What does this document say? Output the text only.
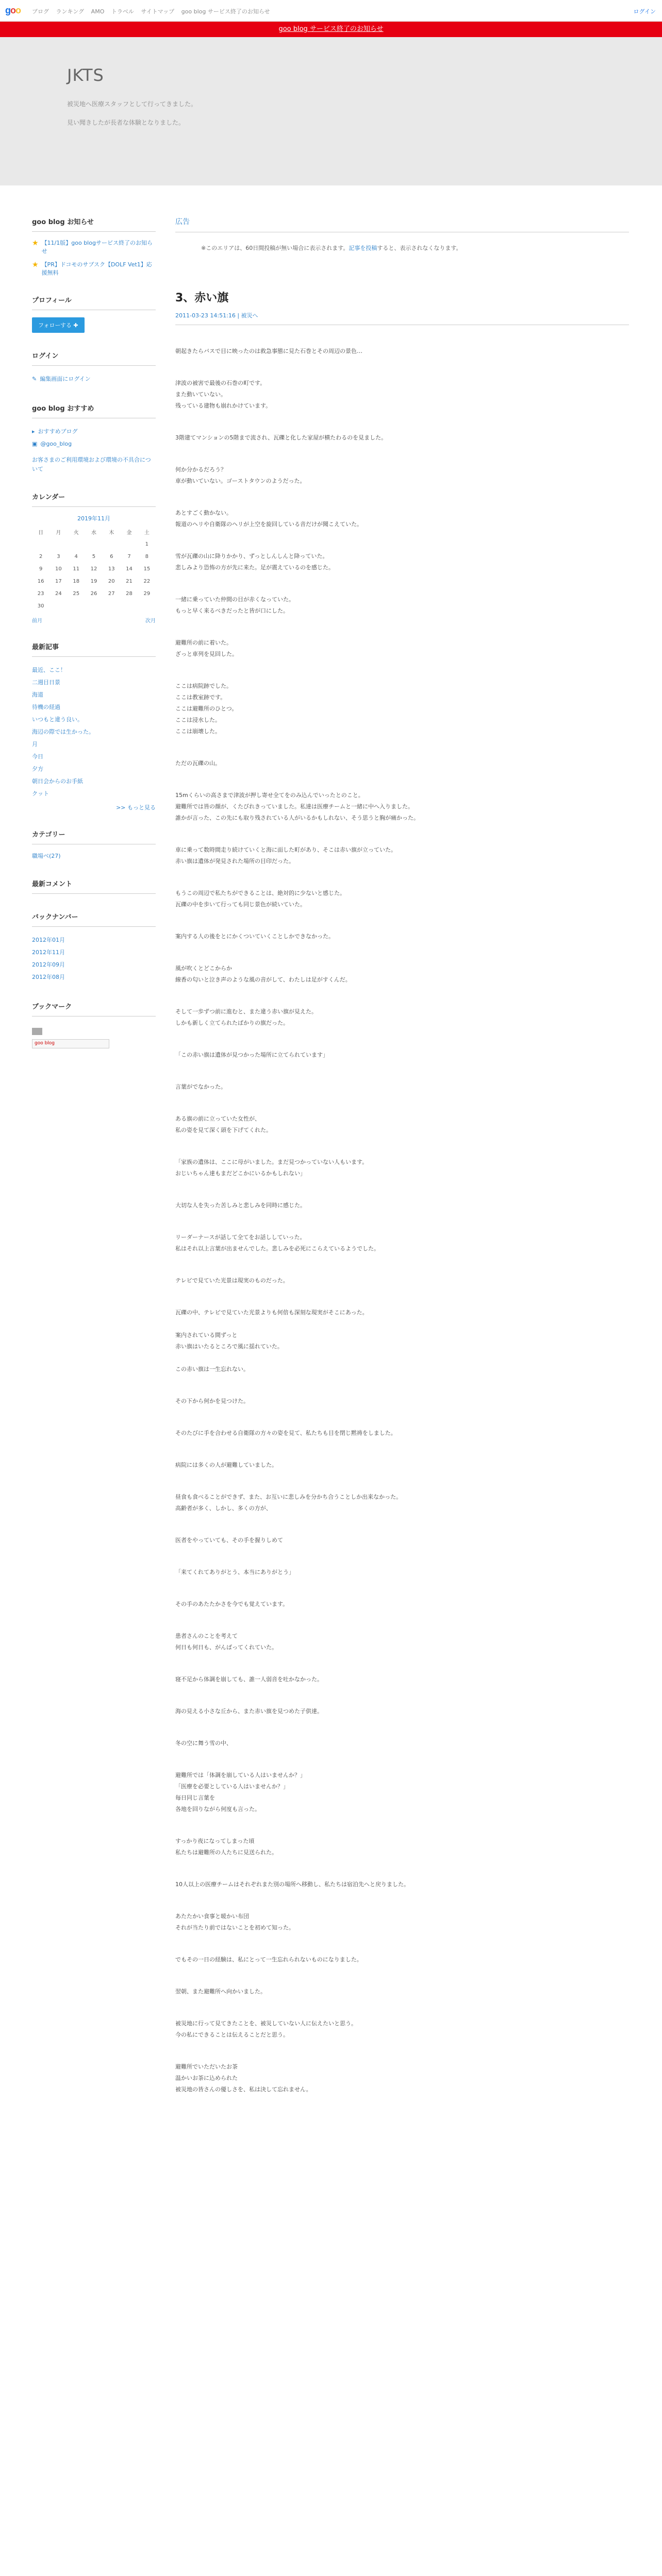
goo ブログ ランキング AMO トラベル サイトマップ goo blog サービス終了のお知らせ	ログイン
goo blog サービス終了のお知らせ
JKTS
被災地へ医療スタッフとして行ってきました。
見い聞きしたが長者な体験となりました。
goo blog お知らせ
★ 【11/1版】goo blogサービス終了のお知らせ
★ 【PR】ドコモのサブスク【DOLF Vet1】応援無料
プロフィール
フォローする ✚
ログイン
✎ 編集画面にログイン
goo blog おすすめ
▸ おすすめブログ
▣ @goo_blog
お客さまのご利用環境および環境の不具合について
カレンダー
2019年11月
日	月	火	水	木	金	土
						1
2	3	4	5	6	7	8
9	10	11	12	13	14	15
16	17	18	19	20	21	22
23	24	25	26	27	28	29
30						
前月	次月
最新記事
最近、ここ！
二週目日景
海道
待機の経過
いつもと違う良い。
海辺の際では生かった。
月
今日
夕方
朝日会からのお手紙
クット
>> もっと見る
カテゴリー
職場ベ(27)
最新コメント
バックナンバー
2012年01月
2012年11月
2012年09月
2012年08月
ブックマーク
goo blog
広告
※このエリアは、60日間投稿が無い場合に表示されます。記事を投稿すると、表示されなくなります。
3、赤い旗
2011-03-23 14:51:16 | 被災へ

朝起きたらバスで目に映ったのは救急事態に見た石巻とその周辺の景色…

津波の被害で最後の石巻の町です。
また動いていない。
残っている建物も崩れかけています。

3階建てマンションの5階まで流され、瓦礫と化した家屋が横たわるのを見ました。

何か分かるだろう？
車が動いていない。ゴーストタウンのようだった。

あとすごく動かない。
報道のヘリや自衛隊のヘリが上空を旋回している音だけが聞こえていた。

雪が瓦礫の山に降りかかり、ずっとしんしんと降っていた。
悲しみより恐怖の方が先に来た。足が震えているのを感じた。

一緒に乗っていた仲間の目が赤くなっていた。
もっと早く来るべきだったと皆が口にした。

避難所の前に着いた。
ざっと車列を見回した。

ここは病院跡でした。
ここは教室跡です。
ここは避難所のひとつ。
ここは浸水した。
ここは崩壊した。

ただの瓦礫の山。

15mくらいの高さまで津波が押し寄せ全てをのみ込んでいったとのこと。
避難所では皆の顔が、くたびれきっていました。私達は医療チームと一緒に中へ入りました。
誰かが言った、この先にも取り残されている人がいるかもしれない、そう思うと胸が痛かった。

車に乗って数時間走り続けていくと海に面した町があり、そこは赤い旗が立っていた。
赤い旗は遺体が発見された場所の目印だった。

もうこの周辺で私たちができることは、絶対的に少ないと感じた。
瓦礫の中を歩いて行っても同じ景色が続いていた。

案内する人の後をとにかくついていくことしかできなかった。

風が吹くとどこからか
線香の匂いと泣き声のような風の音がして、わたしは足がすくんだ。

そして一歩ずつ前に進むと、また違う赤い旗が見えた。
しかも新しく立てられたばかりの旗だった。

「この赤い旗は遺体が見つかった場所に立てられています」

言葉がでなかった。

ある旗の前に立っていた女性が、
私の姿を見て深く頭を下げてくれた。

「家族の遺体は、ここに母がいました。まだ見つかっていない人もいます。
おじいちゃん達もまだどこかにいるかもしれない」

大切な人を失った苦しみと悲しみを同時に感じた。

リーダーナースが話して全てをお話ししていった。
私はそれ以上言葉が出ませんでした。悲しみを必死にこらえているようでした。

テレビで見ていた光景は現実のものだった。

瓦礫の中、テレビで見ていた光景よりも何倍も深刻な現実がそこにあった。

案内されている間ずっと
赤い旗はいたるところで風に揺れていた。

この赤い旗は一生忘れない。

その下から何かを見つけた。

そのたびに手を合わせる自衛隊の方々の姿を見て、私たちも目を閉じ黙祷をしました。

病院には多くの人が避難していました。

昼食も食べることができず、また、お互いに悲しみを分かち合うことしか出来なかった。
高齢者が多く、しかし、多くの方が、

医者をやっていても、その手を握りしめて

「来てくれてありがとう、本当にありがとう」

その手のあたたかさを今でも覚えています。

患者さんのことを考えて
何日も何日も、がんばってくれていた。

寝不足から体調を崩しても、誰一人弱音を吐かなかった。

海の見える小さな丘から、また赤い旗を見つめた子供達。

冬の空に舞う雪の中、

避難所では「体調を崩している人はいませんか？」
「医療を必要としている人はいませんか？」
毎日同じ言葉を
各地を回りながら何度も言った。

すっかり夜になってしまった頃
私たちは避難所の人たちに見送られた。

10人以上の医療チームはそれぞれまた別の場所へ移動し、私たちは宿泊先へと戻りました。

あたたかい食事と暖かい布団
それが当たり前ではないことを初めて知った。

でもその一日の経験は、私にとって一生忘れられないものになりました。

翌朝、また避難所へ向かいました。

被災地に行って見てきたことを、被災していない人に伝えたいと思う。
今の私にできることは伝えることだと思う。

避難所でいただいたお茶
温かいお茶に込められた
被災地の皆さんの優しさを、私は決して忘れません。
